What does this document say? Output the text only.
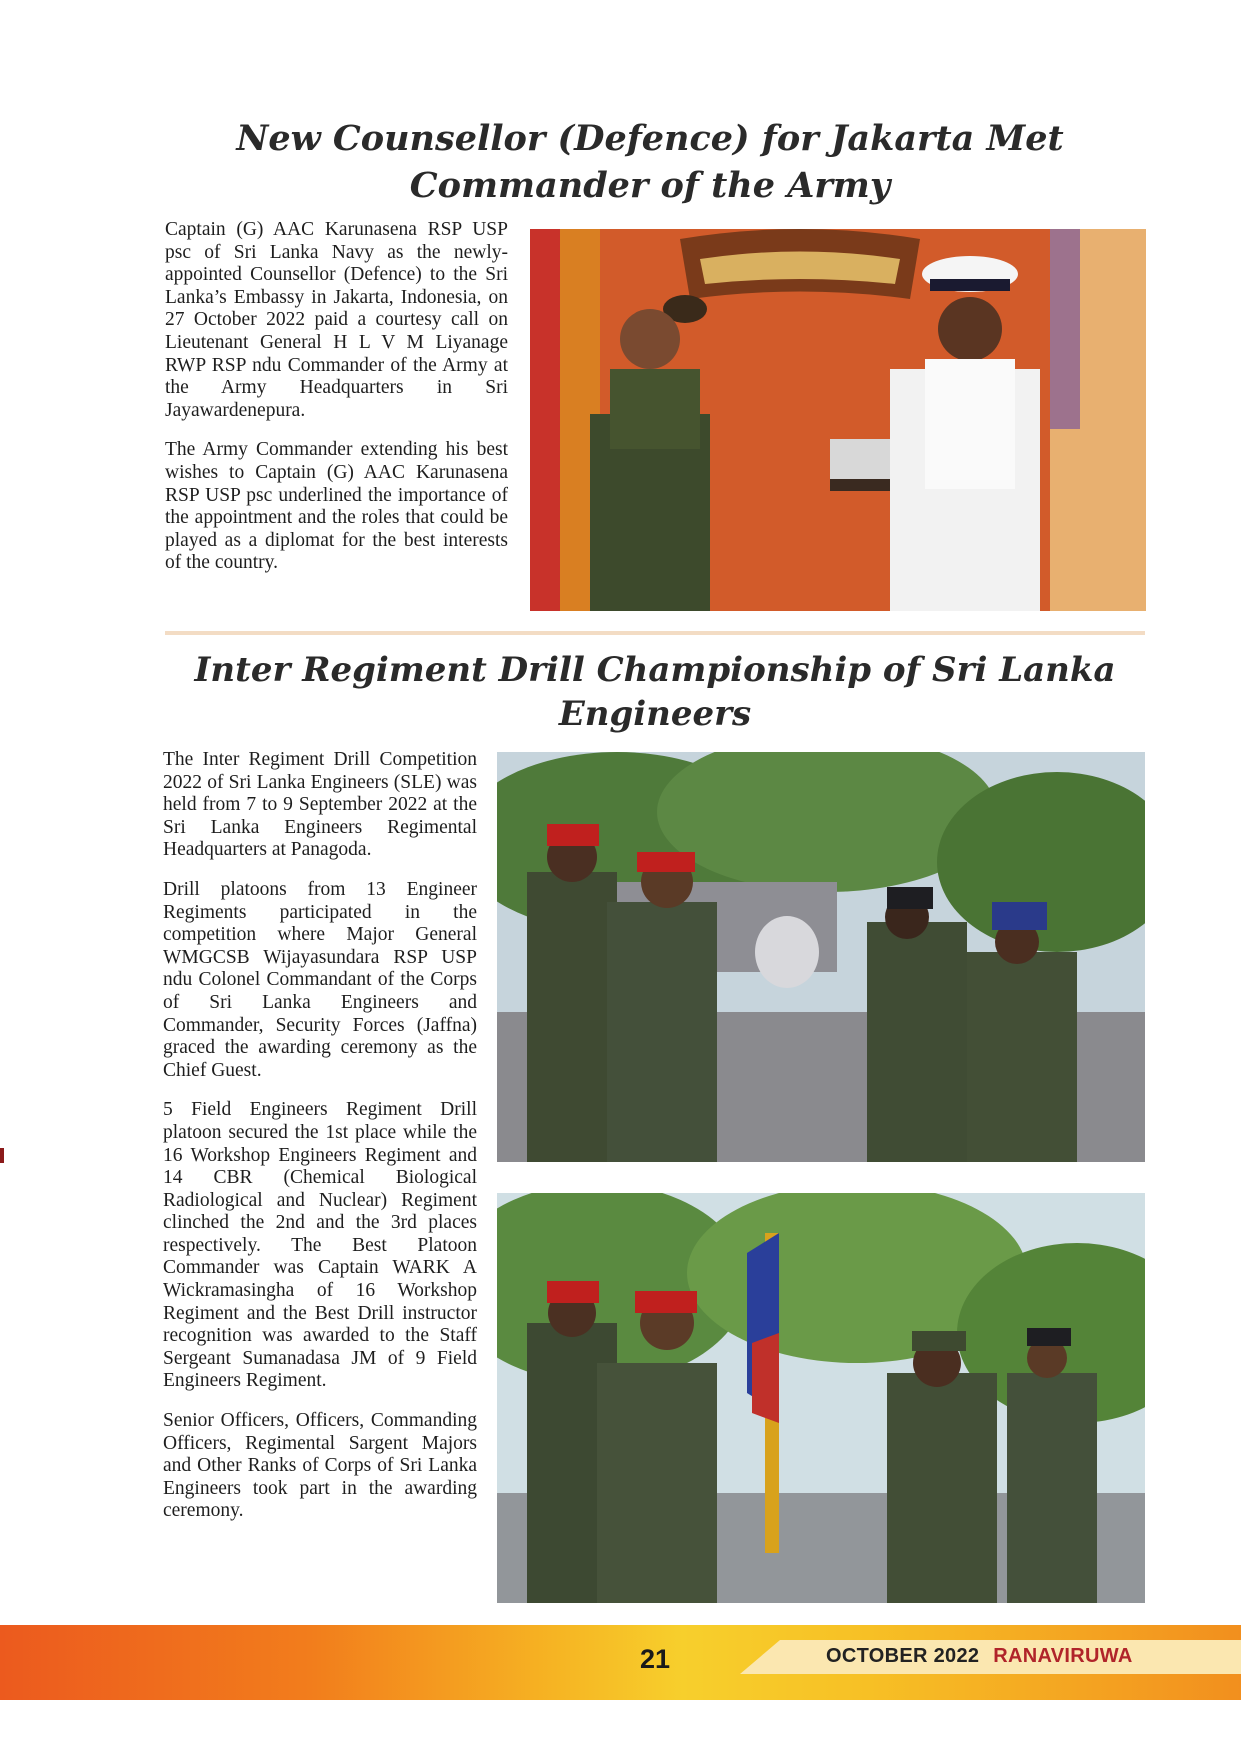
New Counsellor (Defence) for Jakarta Met
Commander of the Army

Captain (G) AAC Karunasena RSP USP psc of Sri Lanka Navy as the newly-appointed Counsellor (Defence) to the Sri Lanka’s Embassy in Jakarta, Indonesia, on 27 October 2022 paid a courtesy call on Lieutenant General H L V M Liyanage RWP RSP ndu Commander of the Army at the Army Headquarters in Sri Jayawardenepura.

The Army Commander extending his best wishes to Captain (G) AAC Karunasena RSP USP psc underlined the importance of the appointment and the roles that could be played as a diplomat for the best interests of the country.

Inter Regiment Drill Championship of Sri Lanka Engineers

The Inter Regiment Drill Competition 2022 of Sri Lanka Engineers (SLE) was held from 7 to 9 September 2022 at the Sri Lanka Engineers Regimental Headquarters at Panagoda.

Drill platoons from 13 Engineer Regiments participated in the competition where Major General WMGCSB Wijayasundara RSP USP ndu Colonel Commandant of the Corps of Sri Lanka Engineers and Commander, Security Forces (Jaffna) graced the awarding ceremony as the Chief Guest.

5 Field Engineers Regiment Drill platoon secured the 1st place while the 16 Workshop Engineers Regiment and 14 CBR (Chemical Biological Radiological and Nuclear) Regiment clinched the 2nd and the 3rd places respectively. The Best Platoon Commander was Captain WARK A Wickramasingha of 16 Workshop Regiment and the Best Drill instructor recognition was awarded to the Staff Sergeant Sumanadasa JM of 9 Field Engineers Regiment.

Senior Officers, Officers, Commanding Officers, Regimental Sargent Majors and Other Ranks of Corps of Sri Lanka Engineers took part in the awarding ceremony.

21	OCTOBER 2022 RANAVIRUWA
